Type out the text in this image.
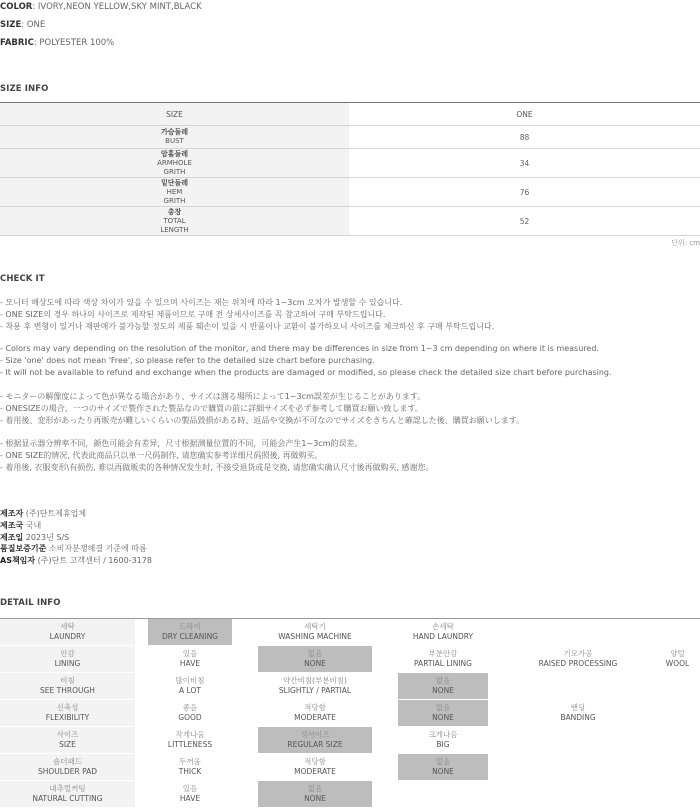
COLOR: IVORY,NEON YELLOW,SKY MINT,BLACK
SIZE: ONE
FABRIC: POLYESTER 100%
SIZE INFO
SIZE	ONE
가슴둘레
BUST	88
암홀둘레
ARMHOLE
GRITH
34
밑단둘레
HEM
GRITH
76
총장
TOTAL
LENGTH
52
단위: cm
CHECK IT
- 모니터 해상도에 따라 색상 차이가 있을 수 있으며 사이즈는 재는 위치에 따라 1~3cm 오차가 발생할 수 있습니다.
- ONE SIZE의 경우 하나의 사이즈로 제작된 제품이므로 구매 전 상세사이즈를 꼭 참고하여 구매 부탁드립니다.
- 착용 후 변형이 있거나 재판매가 불가능할 정도의 제품 훼손이 있을 시 반품이나 교환이 불가하오니 사이즈를 체크하신 후 구매 부탁드립니다.
- Colors may vary depending on the resolution of the monitor, and there may be differences in size from 1~3 cm depending on where it is measured.
- Size 'one' does not mean 'Free', so please refer to the detailed size chart before purchasing.
- It will not be available to refund and exchange when the products are damaged or modified, so please check the detailed size chart before purchasing.
- モニターの解像度によって色が異なる場合があり、サイズは測る場所によって1~3cm誤差が生じることがあります。
- ONESIZEの場合、一つのサイズで製作された製品なので購買の前に詳細サイズを必ず参考して購買お願い致します。
- 着用後、変形があったり再販売が難しいくらいの製品毀損がある時、返品や交換が不可なのでサイズをきちんと確認した後、購買お願いします。
- 根据显示器分辨率不同，颜色可能会有差异，尺寸根据测量位置的不同，可能会产生1~3cm的误差。
- ONE SIZE的情况, 代表此商品只以单一尺码制作, 请您确实参考详细尺码照後, 再做购买。
- 着用後, 衣服变形\有损伤, 难以再做贩卖的各种情况发生时, 不接受退货或是交换, 请您确实确认尺寸後再做购买, 感谢您。
제조자 (주)단트제휴업체
제조국 국내
제조일 2023년 S/S
품질보증기준 소비자분쟁해결 기준에 따름
AS책임자 (주)단트 고객센터 / 1600-3178
DETAIL INFO
세탁
LAUNDRY
드라이
DRY CLEANING
세탁기
WASHING MACHINE
손세탁
HAND LAUNDRY
안감
LINING
있음
HAVE
없음
NONE
부분안감
PARTIAL LINING
기모가공
RAISED PROCESSING
양털
WOOL
비침
SEE THROUGH
많이비침
A LOT
약간비침(부분비침)
SLIGHTLY / PARTIAL
없음
NONE
신축성
FLEXIBILITY
좋음
GOOD
적당함
MODERATE
없음
NONE
밴딩
BANDING
사이즈
SIZE
작게나옴
LITTLENESS
정사이즈
REGULAR SIZE
크게나옴
BIG
숄더패드
SHOULDER PAD
두꺼움
THICK
적당함
MODERATE
없음
NONE
내추럴커팅
NATURAL CUTTING
있음
HAVE
없음
NONE
